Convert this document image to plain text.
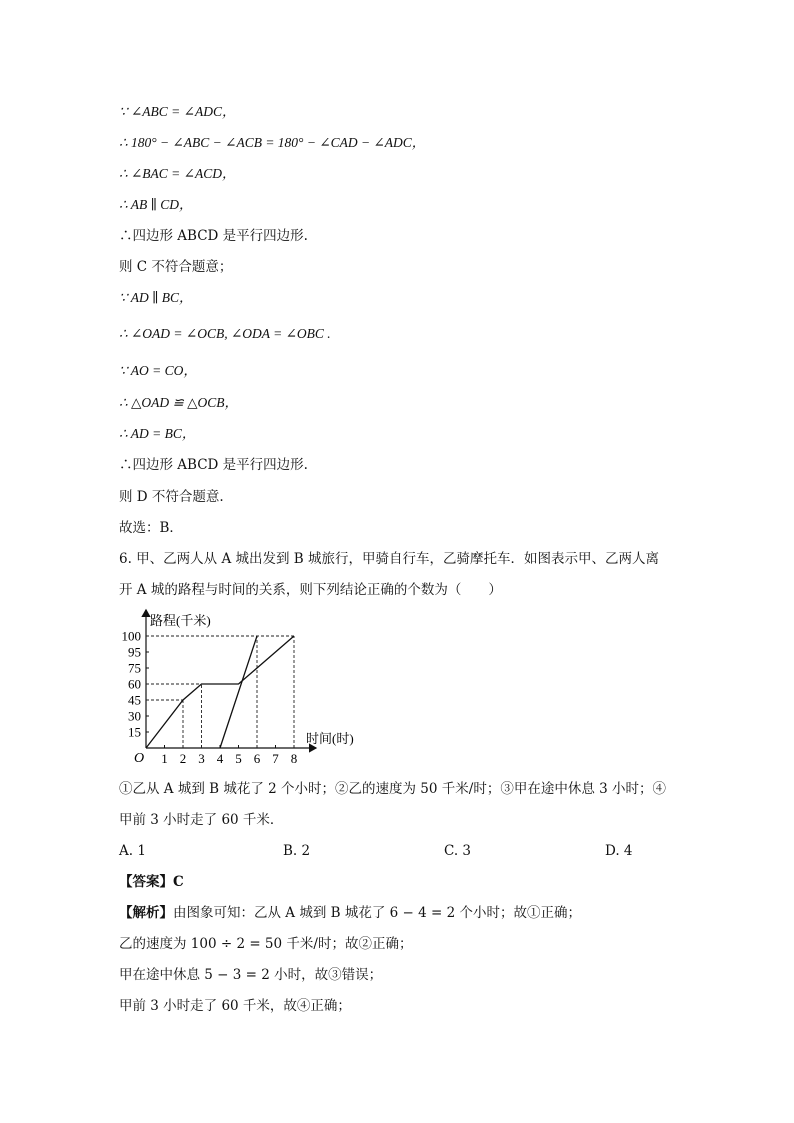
∵ ∠ABC = ∠ADC，
∴ 180° − ∠ABC − ∠ACB = 180° − ∠CAD − ∠ADC，
∴ ∠BAC = ∠ACD，
∴ AB ∥ CD，
∴四边形 ABCD 是平行四边形.
则 C 不符合题意；
∵ AD ∥ BC，
∴ ∠OAD = ∠OCB, ∠ODA = ∠OBC .
∵ AO = CO，
∴ △OAD ≌ △OCB，
∴ AD = BC，
∴四边形 ABCD 是平行四边形.
则 D 不符合题意.
故选：B．
6. 甲、乙两人从 A 城出发到 B 城旅行，甲骑自行车，乙骑摩托车．如图表示甲、乙两人离
开 A 城的路程与时间的关系，则下列结论正确的个数为（　　）
路程(千米)
时间(时)
O 1 2 3 4 5 6 7 8
15
30
45
60
75
95
100
①乙从 A 城到 B 城花了 2 个小时；②乙的速度为 50 千米/时；③甲在途中休息 3 小时；④
甲前 3 小时走了 60 千米．
A. 1	B. 2	C. 3	D. 4
【答案】C
【解析】由图象可知：乙从 A 城到 B 城花了 6 − 4 = 2 个小时；故①正确；
乙的速度为 100 ÷ 2 = 50 千米/时；故②正确；
甲在途中休息 5 − 3 = 2 小时，故③错误；
甲前 3 小时走了 60 千米，故④正确；
